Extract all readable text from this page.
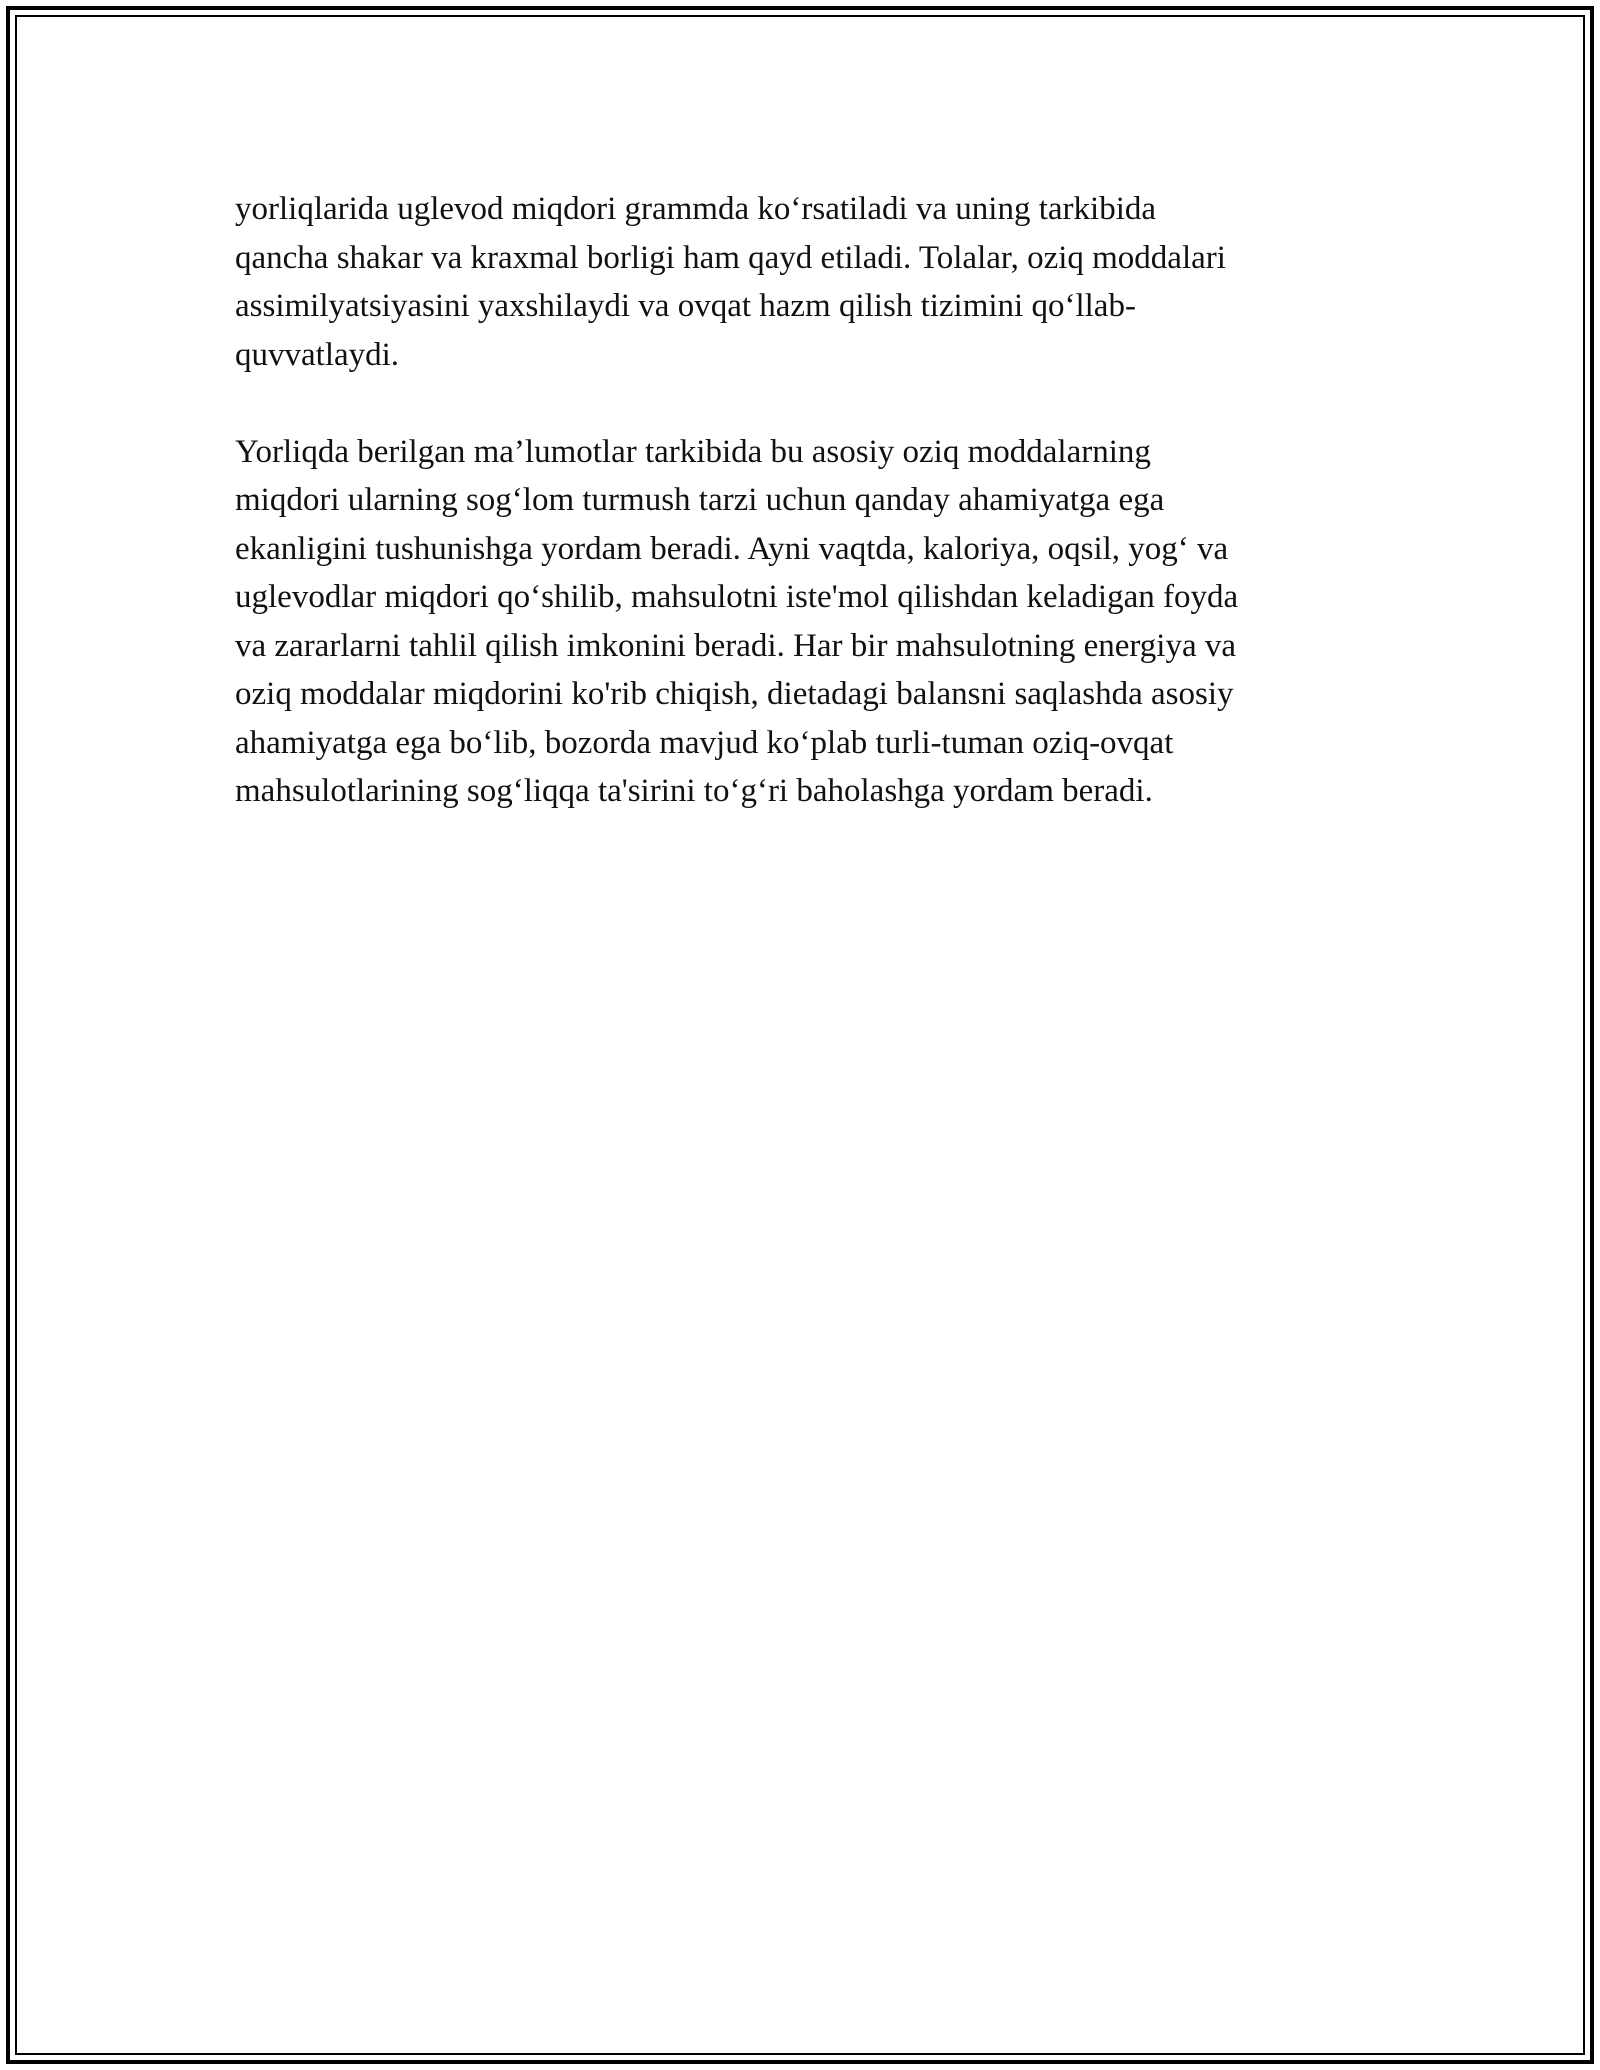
yorliqlarida uglevod miqdori grammda ko‘rsatiladi va uning tarkibida
qancha shakar va kraxmal borligi ham qayd etiladi. Tolalar, oziq moddalari
assimilyatsiyasini yaxshilaydi va ovqat hazm qilish tizimini qo‘llab-
quvvatlaydi.

Yorliqda berilgan ma’lumotlar tarkibida bu asosiy oziq moddalarning
miqdori ularning sog‘lom turmush tarzi uchun qanday ahamiyatga ega
ekanligini tushunishga yordam beradi. Ayni vaqtda, kaloriya, oqsil, yog‘ va
uglevodlar miqdori qo‘shilib, mahsulotni iste'mol qilishdan keladigan foyda
va zararlarni tahlil qilish imkonini beradi. Har bir mahsulotning energiya va
oziq moddalar miqdorini ko'rib chiqish, dietadagi balansni saqlashda asosiy
ahamiyatga ega bo‘lib, bozorda mavjud ko‘plab turli-tuman oziq-ovqat
mahsulotlarining sog‘liqqa ta'sirini to‘g‘ri baholashga yordam beradi.
